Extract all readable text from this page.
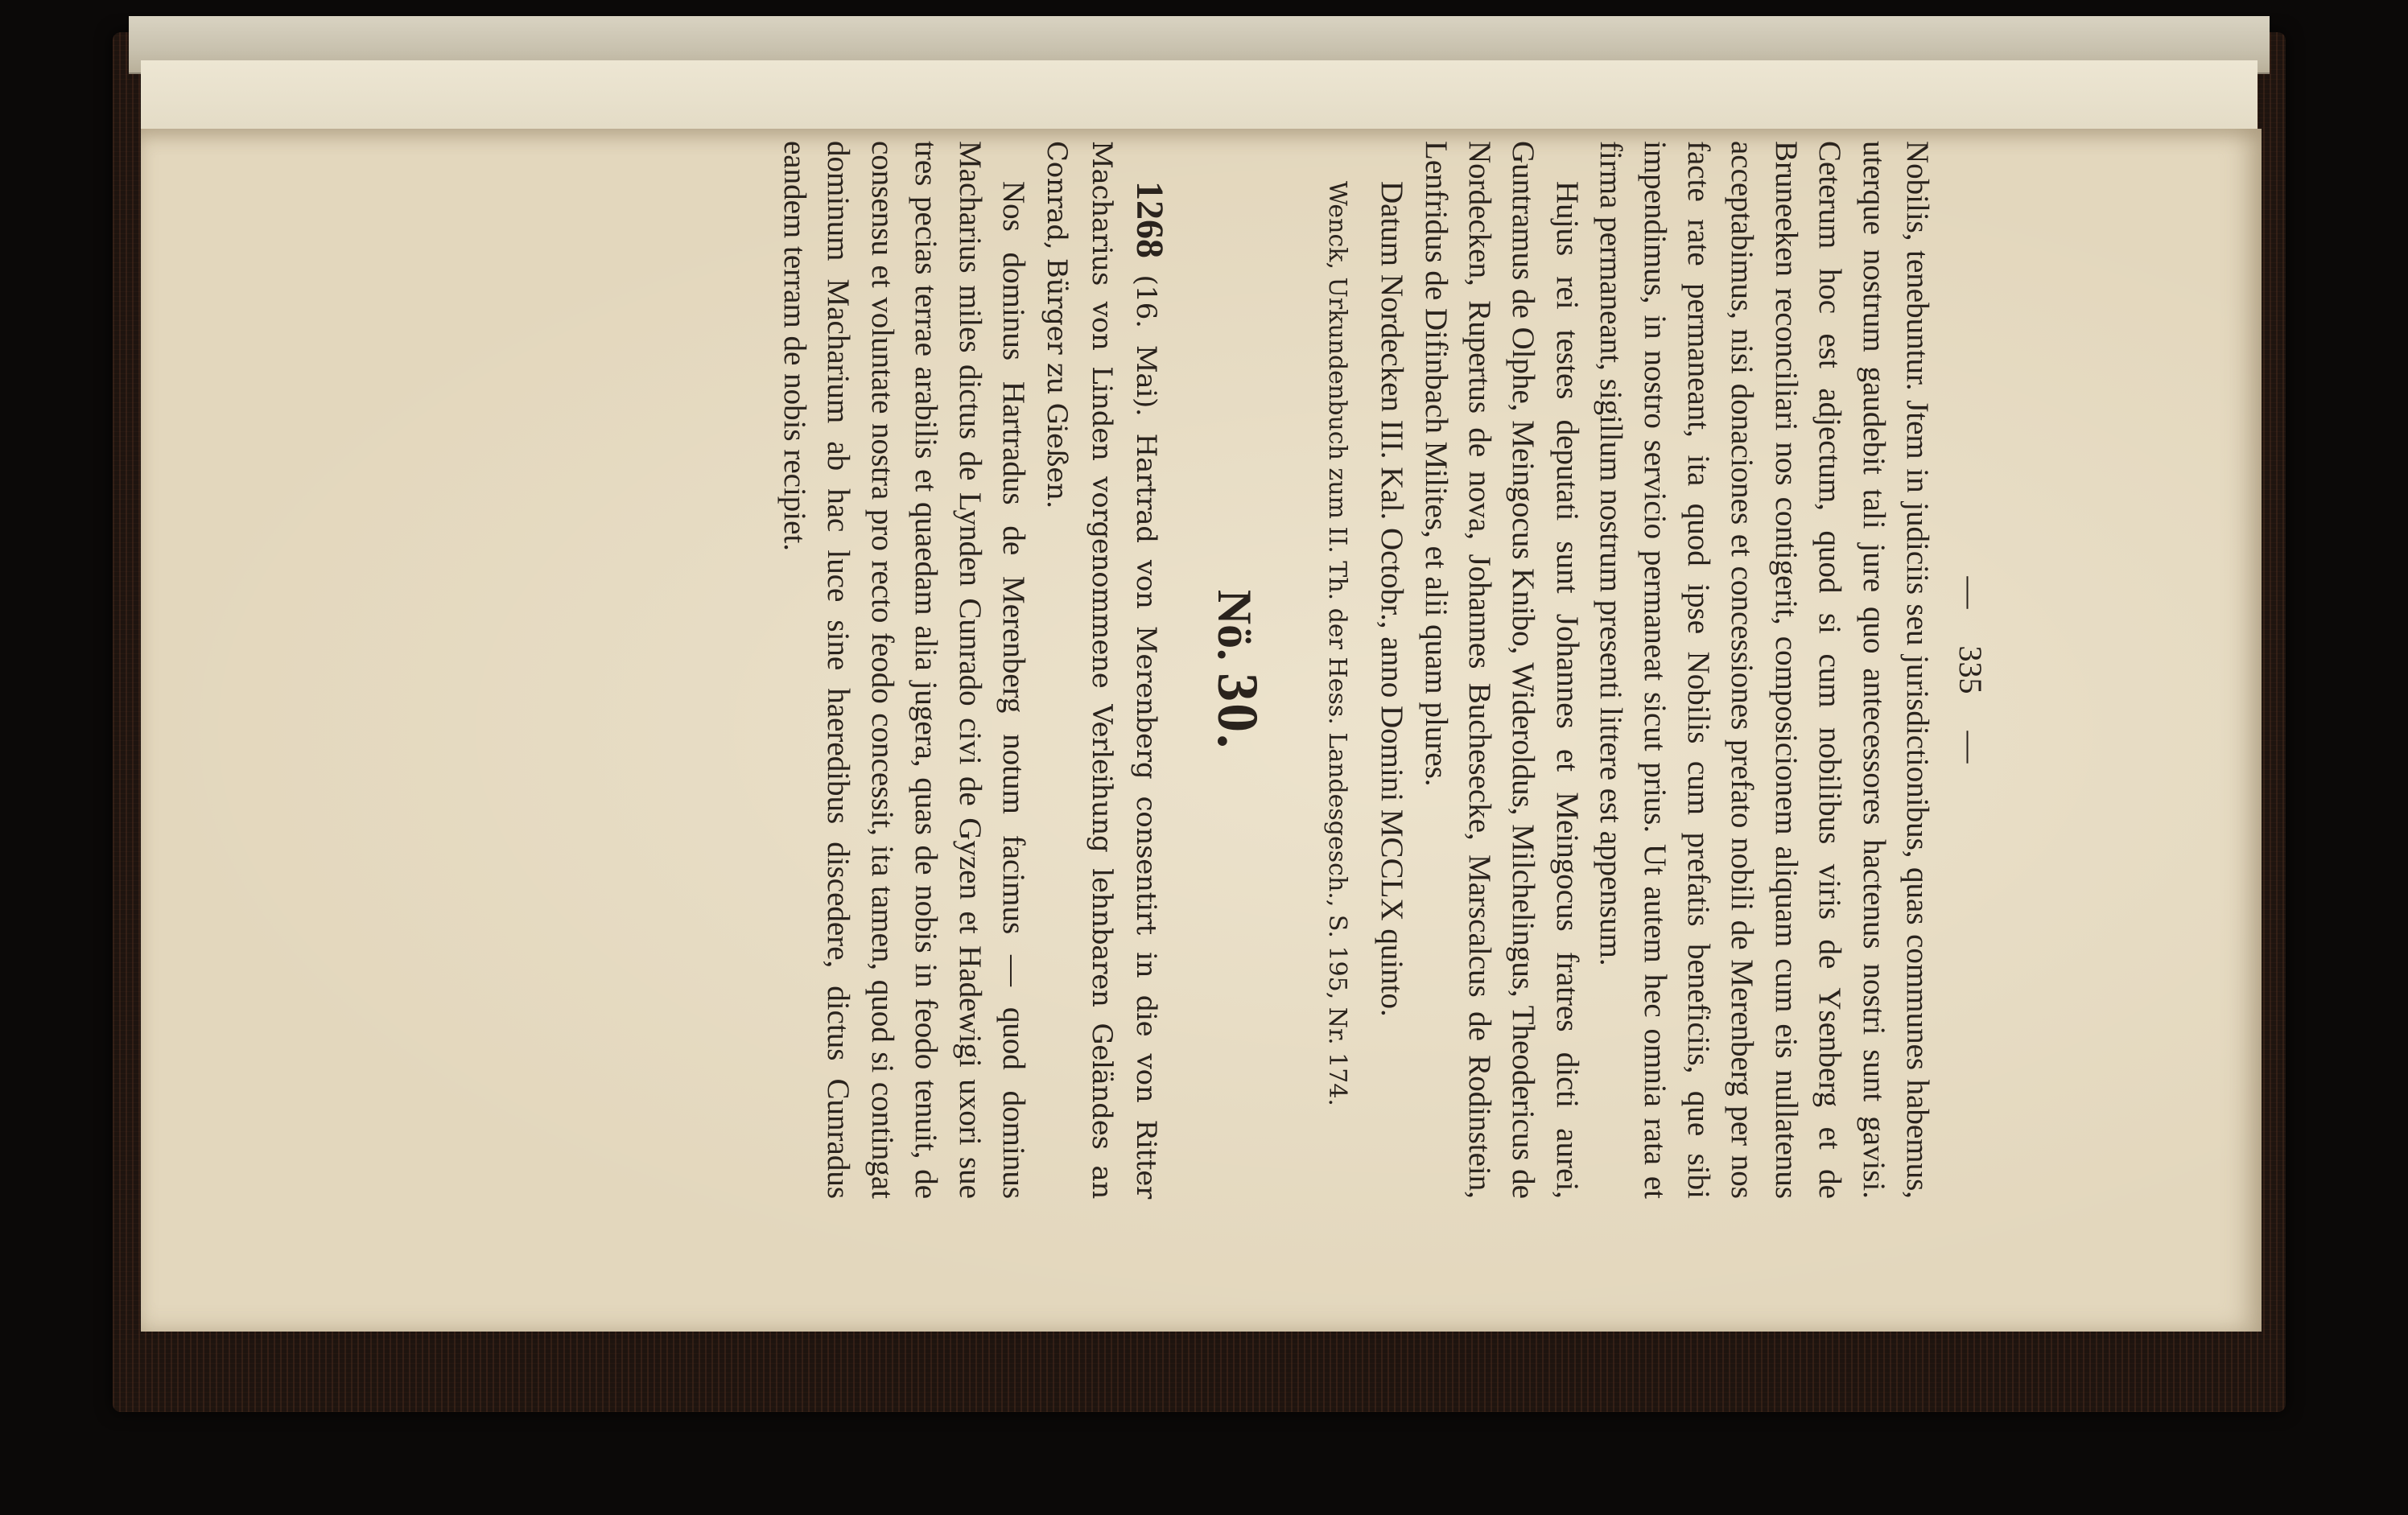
— 335 —

Nobilis, tenebuntur. Jtem in judiciis seu jurisdictionibus, quas communes habemus, uterque nostrum gaudebit tali jure quo antecessores hactenus nostri sunt gavisi. Ceterum hoc est adjectum, quod si cum nobilibus viris de Ysenberg et de Bruneeken reconciliari nos contigerit, composicionem aliquam cum eis nullatenus acceptabimus, nisi donaciones et concessiones prefato nobili de Merenberg per nos facte rate permaneant, ita quod ipse Nobilis cum prefatis beneficiis, que sibi impendimus, in nostro servicio permaneat sicut prius. Ut autem hec omnia rata et firma permaneant, sigillum nostrum presenti littere est appensum.

Hujus rei testes deputati sunt Johannes et Meingocus fratres dicti aurei, Guntramus de Olphe, Meingocus Knibo, Wideroldus, Milchelingus, Theodericus de Nordecken, Rupertus de nova, Johannes Buchesecke, Marscalcus de Rodinstein, Lenfridus de Difinbach Milites, et alii quam plures.

Datum Nordecken III. Kal. Octobr., anno Domini MCCLX quinto.

Wenck, Urkundenbuch zum II. Th. der Hess. Landesgesch., S. 195, Nr. 174.

Nö. 30.

1268 (16. Mai). Hartrad von Merenberg consentirt in die von Ritter Macharius von Linden vorgenommene Verleihung lehnbaren Geländes an Conrad, Bürger zu Gießen.

Nos dominus Hartradus de Merenberg notum facimus — quod dominus Macharius miles dictus de Lynden Cunrado civi de Gyzen et Hadewigi uxori sue tres pecias terrae arabilis et quaedam alia jugera, quas de nobis in feodo tenuit, de consensu et voluntate nostra pro recto feodo concessit, ita tamen, quod si contingat dominum Macharium ab hac luce sine haeredibus discedere, dictus Cunradus eandem terram de nobis recipiet.
